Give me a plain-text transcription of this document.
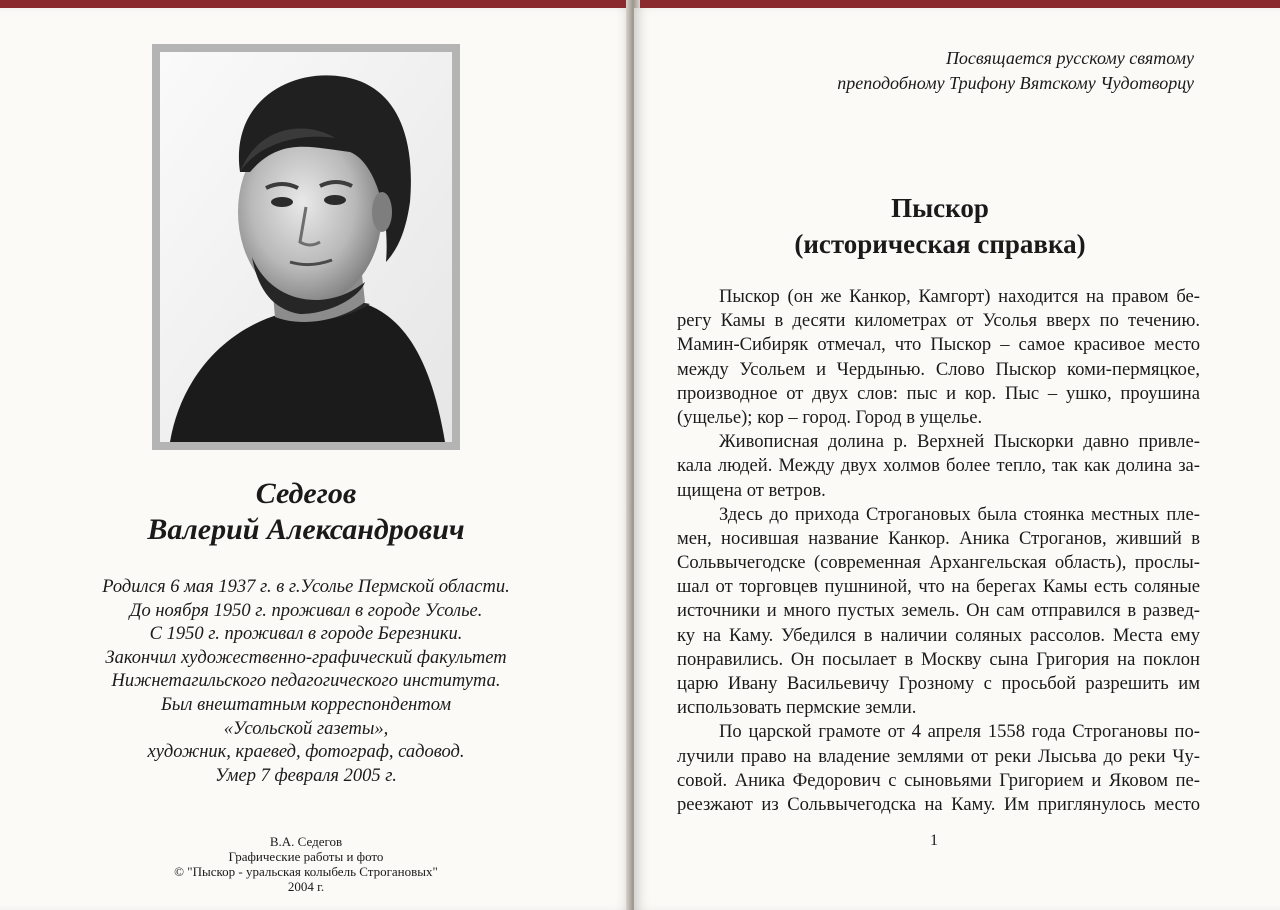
Седегов
Валерий Александрович
Родился 6 мая 1937 г. в г.Усолье Пермской области.
До ноября 1950 г. проживал в городе Усолье.
С 1950 г. проживал в городе Березники.
Закончил художественно-графический факультет
Нижнетагильского педагогического института.
Был внештатным корреспондентом
«Усольской газеты»,
художник, краевед, фотограф, садовод.
Умер 7 февраля 2005 г.
В.А. Седегов
Графические работы и фото
© "Пыскор - уральская колыбель Строгановых"
2004 г.
Посвящается русскому святому
преподобному Трифону Вятскому Чудотворцу
Пыскор
(историческая справка)
Пыскор (он же Канкор, Камгорт) находится на правом бе-
регу Камы в десяти километрах от Усолья вверх по течению.
Мамин-Сибиряк отмечал, что Пыскор – самое красивое место
между Усольем и Чердынью. Слово Пыскор коми-пермяцкое,
производное от двух слов: пыс и кор. Пыс – ушко, проушина
(ущелье); кор – город. Город в ущелье.
Живописная долина р. Верхней Пыскорки давно привле-
кала людей. Между двух холмов более тепло, так как долина за-
щищена от ветров.
Здесь до прихода Строгановых была стоянка местных пле-
мен, носившая название Канкор. Аника Строганов, живший в
Сольвычегодске (современная Архангельская область), прослы-
шал от торговцев пушниной, что на берегах Камы есть соляные
источники и много пустых земель. Он сам отправился в развед-
ку на Каму. Убедился в наличии соляных рассолов. Места ему
понравились. Он посылает в Москву сына Григория на поклон
царю Ивану Васильевичу Грозному с просьбой разрешить им
использовать пермские земли.
По царской грамоте от 4 апреля 1558 года Строгановы по-
лучили право на владение землями от реки Лысьва до реки Чу-
совой. Аника Федорович с сыновьями Григорием и Яковом пе-
реезжают из Сольвычегодска на Каму. Им приглянулось место
1
